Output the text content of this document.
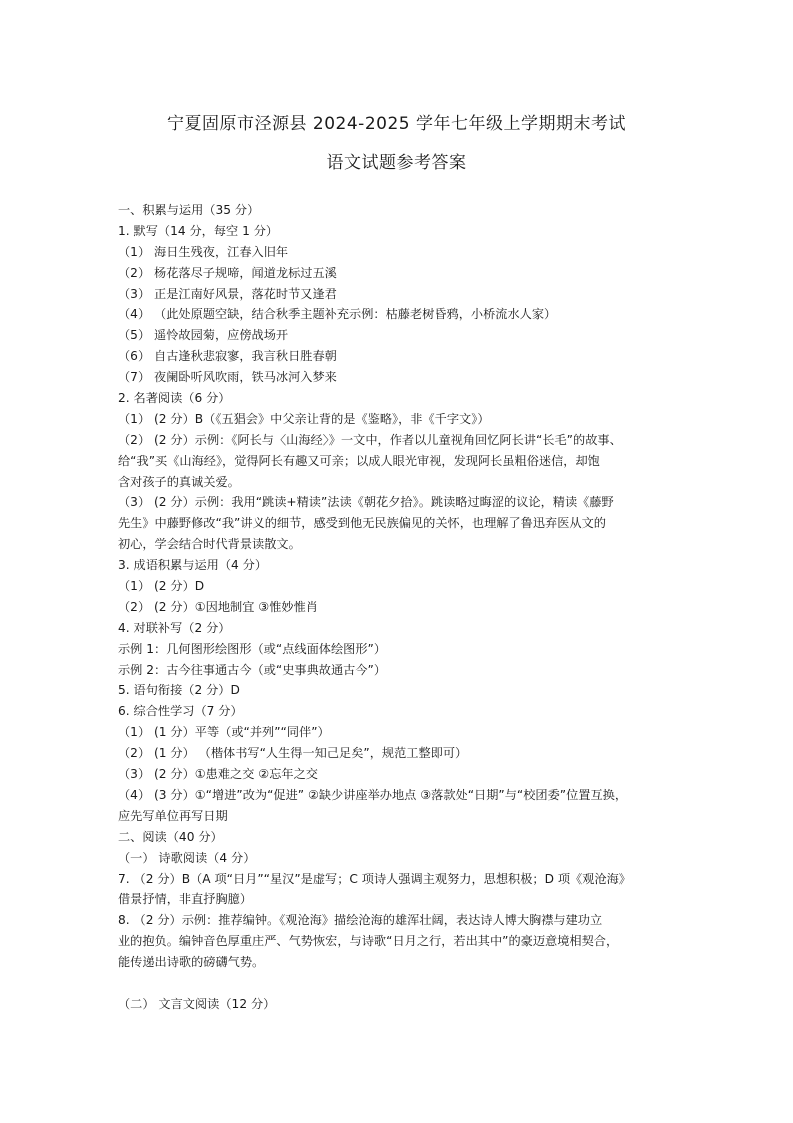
宁夏固原市泾源县 2024-2025 学年七年级上学期期末考试
语文试题参考答案
一、积累与运用（35 分）
1. 默写（14 分，每空 1 分）
（1） 海日生残夜，江春入旧年
（2） 杨花落尽子规啼，闻道龙标过五溪
（3） 正是江南好风景，落花时节又逢君
（4） （此处原题空缺，结合秋季主题补充示例：枯藤老树昏鸦，小桥流水人家）
（5） 遥怜故园菊，应傍战场开
（6） 自古逢秋悲寂寥，我言秋日胜春朝
（7） 夜阑卧听风吹雨，铁马冰河入梦来
2. 名著阅读（6 分）
（1） (2 分）B（《五猖会》中父亲让背的是《鉴略》，非《千字文》）
（2） (2 分）示例：《阿长与〈山海经〉》一文中，作者以儿童视角回忆阿长讲“长毛”的故事、
给“我”买《山海经》，觉得阿长有趣又可亲；以成人眼光审视，发现阿长虽粗俗迷信，却饱
含对孩子的真诚关爱。
（3） (2 分）示例：我用“跳读+精读”法读《朝花夕拾》。跳读略过晦涩的议论，精读《藤野
先生》中藤野修改“我”讲义的细节，感受到他无民族偏见的关怀，也理解了鲁迅弃医从文的
初心，学会结合时代背景读散文。
3. 成语积累与运用（4 分）
（1） (2 分）D
（2） (2 分）①因地制宜 ③惟妙惟肖
4. 对联补写（2 分）
示例 1：几何图形绘图形（或“点线面体绘图形”）
示例 2：古今往事通古今（或“史事典故通古今”）
5. 语句衔接（2 分）D
6. 综合性学习（7 分）
（1） (1 分）平等（或“并列”“同伴”）
（2） (1 分） （楷体书写“人生得一知己足矣”，规范工整即可）
（3） (2 分）①患难之交 ②忘年之交
（4） (3 分）①“增进”改为“促进” ②缺少讲座举办地点 ③落款处“日期”与“校团委”位置互换，
应先写单位再写日期
二、阅读（40 分）
（一） 诗歌阅读（4 分）
7. （2 分）B（A 项“日月”“星汉”是虚写；C 项诗人强调主观努力，思想积极；D 项《观沧海》
借景抒情，非直抒胸臆）
8. （2 分）示例：推荐编钟。《观沧海》描绘沧海的雄浑壮阔，表达诗人博大胸襟与建功立
业的抱负。编钟音色厚重庄严、气势恢宏，与诗歌“日月之行，若出其中”的豪迈意境相契合，
能传递出诗歌的磅礴气势。
（二） 文言文阅读（12 分）
